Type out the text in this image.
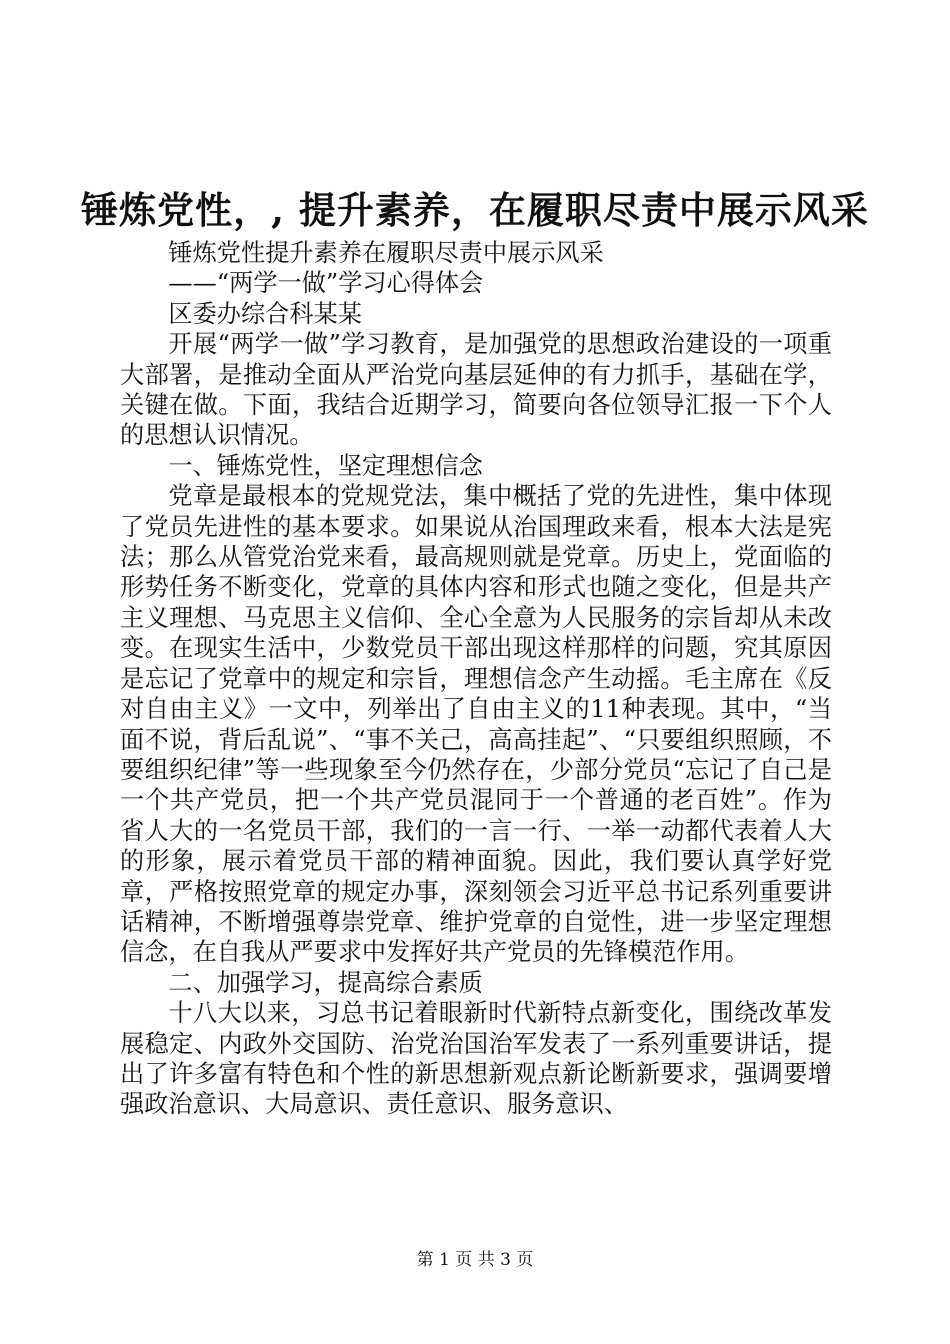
锤炼党性，, 提升素养，在履职尽责中展示风采

锤炼党性提升素养在履职尽责中展示风采

——“两学一做”学习心得体会

区委办综合科某某

开展“两学一做”学习教育，是加强党的思想政治建设的一项重大部署，是推动全面从严治党向基层延伸的有力抓手，基础在学，关键在做。下面，我结合近期学习，简要向各位领导汇报一下个人的思想认识情况。

一、锤炼党性，坚定理想信念

党章是最根本的党规党法，集中概括了党的先进性，集中体现了党员先进性的基本要求。如果说从治国理政来看，根本大法是宪法；那么从管党治党来看，最高规则就是党章。历史上，党面临的形势任务不断变化，党章的具体内容和形式也随之变化，但是共产主义理想、马克思主义信仰、全心全意为人民服务的宗旨却从未改变。在现实生活中，少数党员干部出现这样那样的问题，究其原因是忘记了党章中的规定和宗旨，理想信念产生动摇。毛主席在《反对自由主义》一文中，列举出了自由主义的11种表现。其中，“当面不说，背后乱说”、“事不关己，高高挂起”、“只要组织照顾，不要组织纪律”等一些现象至今仍然存在，少部分党员“忘记了自己是一个共产党员，把一个共产党员混同于一个普通的老百姓”。作为省人大的一名党员干部，我们的一言一行、一举一动都代表着人大的形象，展示着党员干部的精神面貌。因此，我们要认真学好党章，严格按照党章的规定办事，深刻领会习近平总书记系列重要讲话精神，不断增强尊崇党章、维护党章的自觉性，进一步坚定理想信念，在自我从严要求中发挥好共产党员的先锋模范作用。

二、加强学习，提高综合素质

十八大以来，习总书记着眼新时代新特点新变化，围绕改革发展稳定、内政外交国防、治党治国治军发表了一系列重要讲话，提出了许多富有特色和个性的新思想新观点新论断新要求，强调要增强政治意识、大局意识、责任意识、服务意识、

第 1 页 共 3 页
